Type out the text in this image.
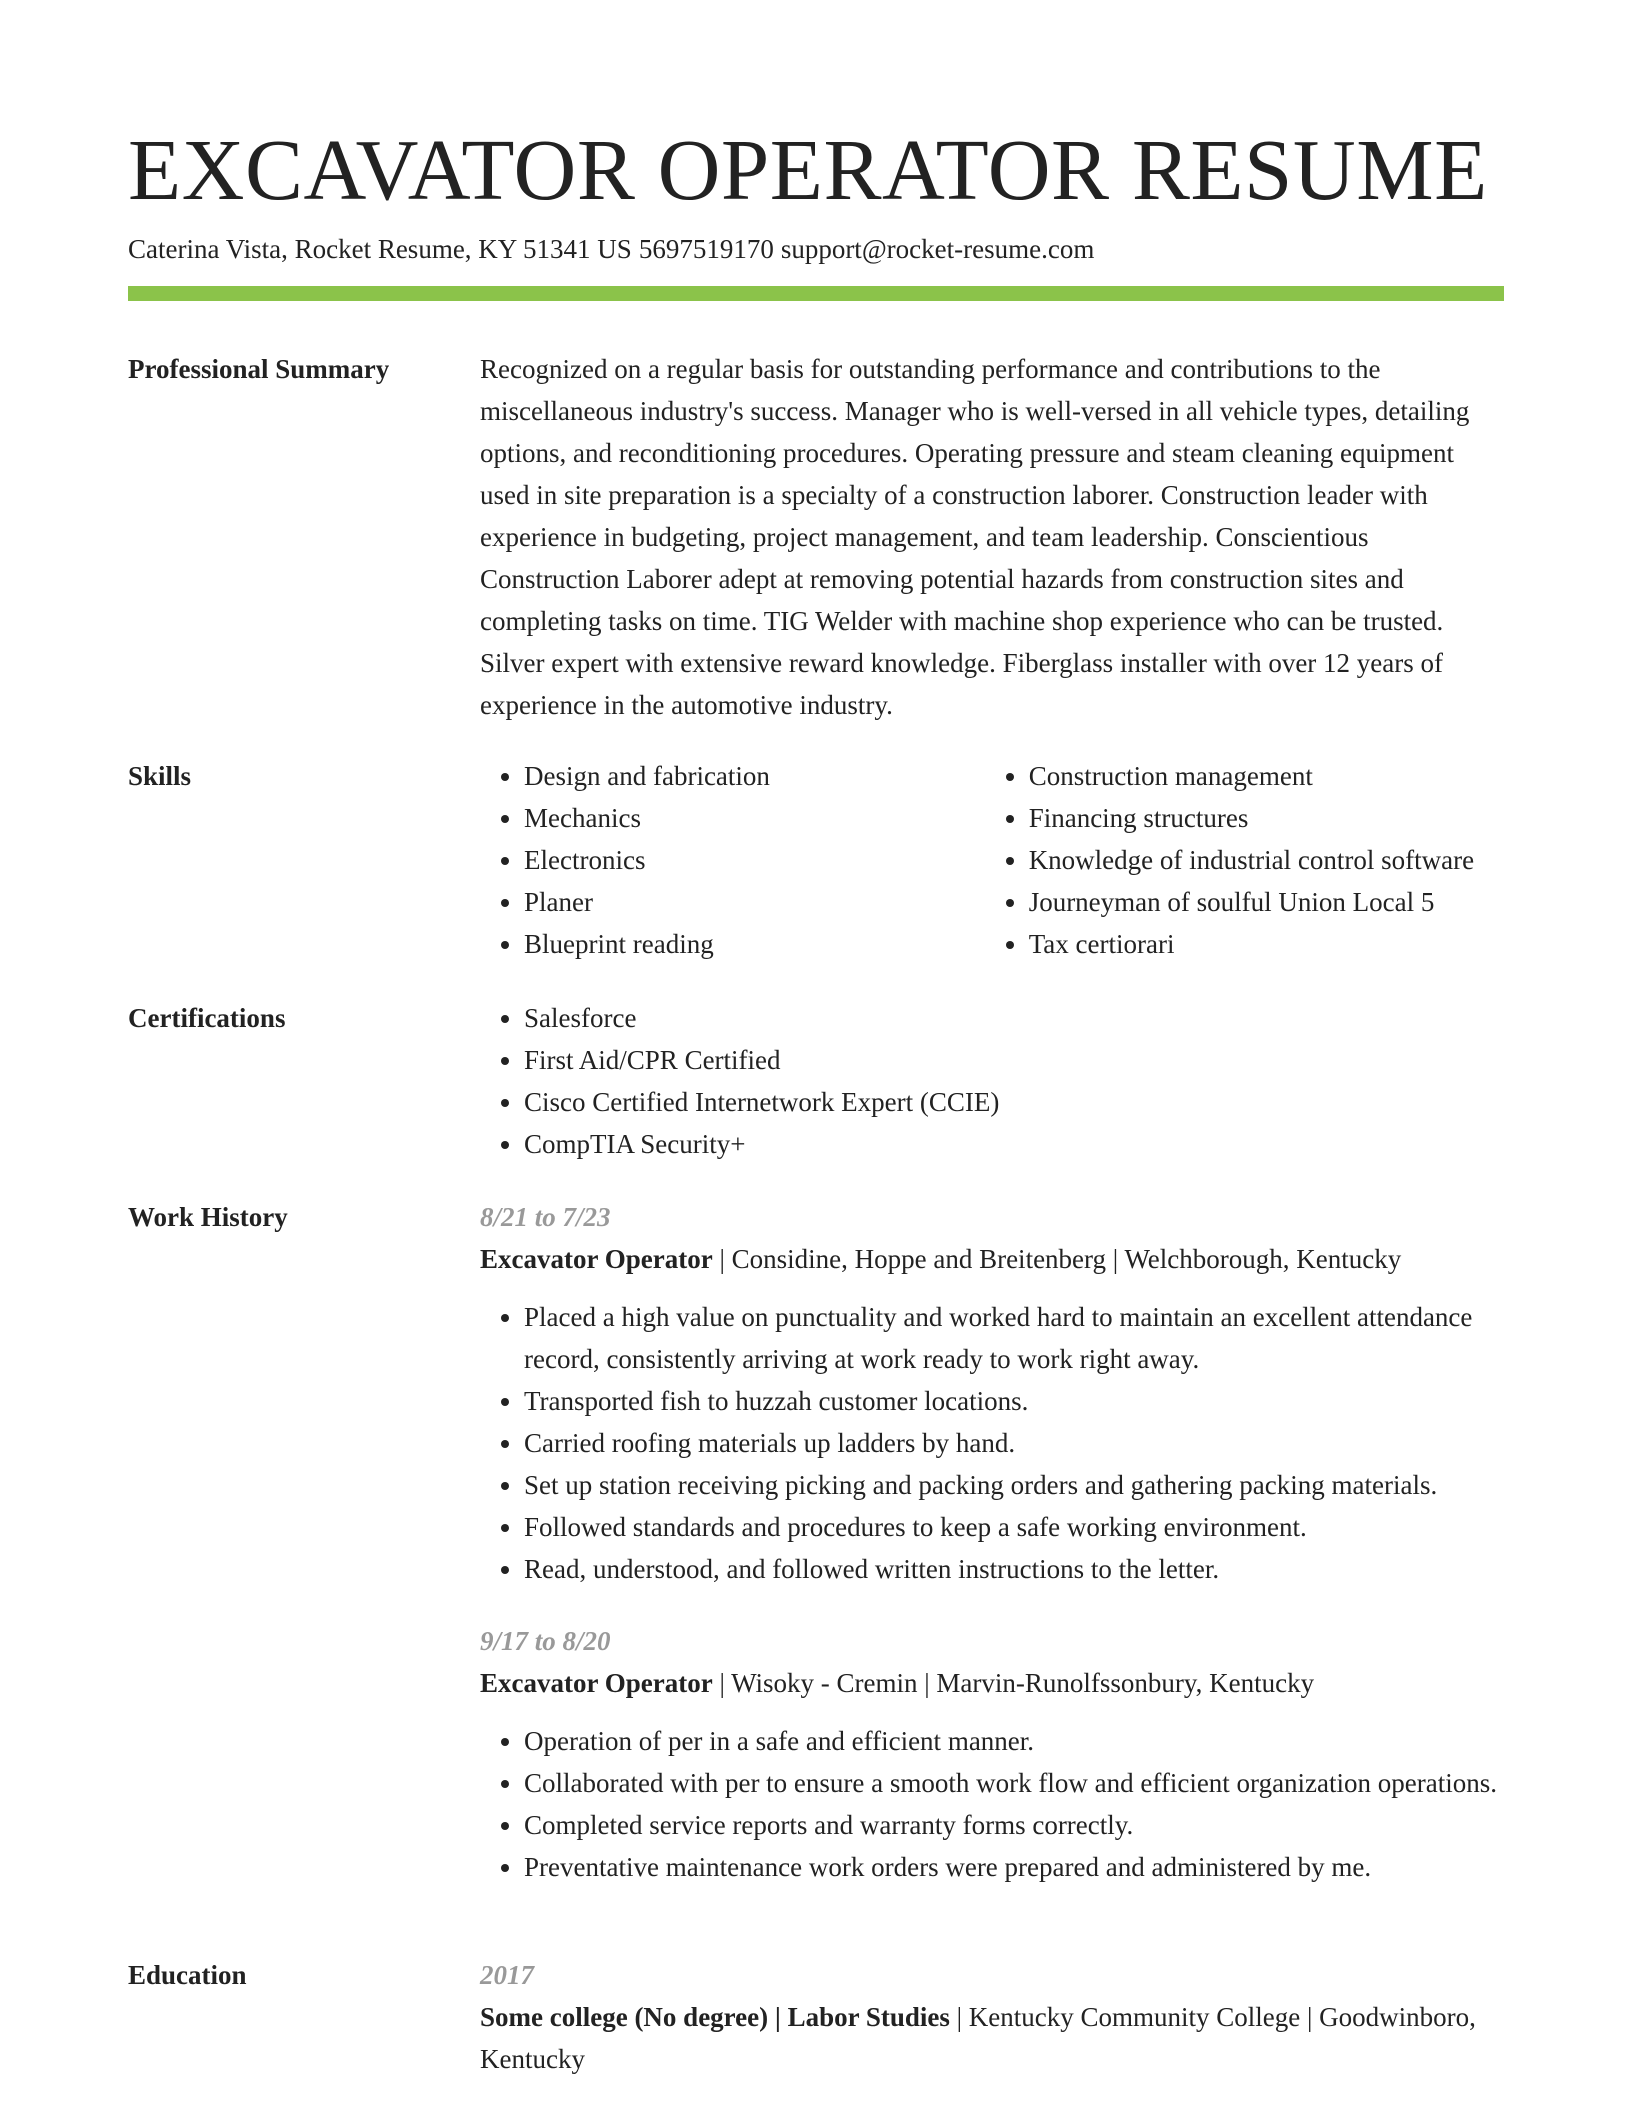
EXCAVATOR OPERATOR RESUME
Caterina Vista, Rocket Resume, KY 51341 US 5697519170 support@rocket-resume.com
Professional Summary	Recognized on a regular basis for outstanding performance and contributions to the miscellaneous industry's success. Manager who is well-versed in all vehicle types, detailing options, and reconditioning procedures. Operating pressure and steam cleaning equipment used in site preparation is a specialty of a construction laborer. Construction leader with experience in budgeting, project management, and team leadership. Conscientious Construction Laborer adept at removing potential hazards from construction sites and completing tasks on time. TIG Welder with machine shop experience who can be trusted. Silver expert with extensive reward knowledge. Fiberglass installer with over 12 years of experience in the automotive industry.

Skills	• Design and fabrication
• Mechanics
• Electronics
• Planer
• Blueprint reading
• Construction management
• Financing structures
• Knowledge of industrial control software
• Journeyman of soulful Union Local 5
• Tax certiorari
Certifications	• Salesforce
• First Aid/CPR Certified
• Cisco Certified Internetwork Expert (CCIE)
• CompTIA Security+
Work History	8/21 to 7/23

Excavator Operator | Considine, Hoppe and Breitenberg | Welchborough, Kentucky

• Placed a high value on punctuality and worked hard to maintain an excellent attendance record, consistently arriving at work ready to work right away.
• Transported fish to huzzah customer locations.
• Carried roofing materials up ladders by hand.
• Set up station receiving picking and packing orders and gathering packing materials.
• Followed standards and procedures to keep a safe working environment.
• Read, understood, and followed written instructions to the letter.

9/17 to 8/20

Excavator Operator | Wisoky - Cremin | Marvin-Runolfssonbury, Kentucky

• Operation of per in a safe and efficient manner.
• Collaborated with per to ensure a smooth work flow and efficient organization operations.
• Completed service reports and warranty forms correctly.
• Preventative maintenance work orders were prepared and administered by me.
Education	2017

Some college (No degree) | Labor Studies | Kentucky Community College | Goodwinboro, Kentucky
